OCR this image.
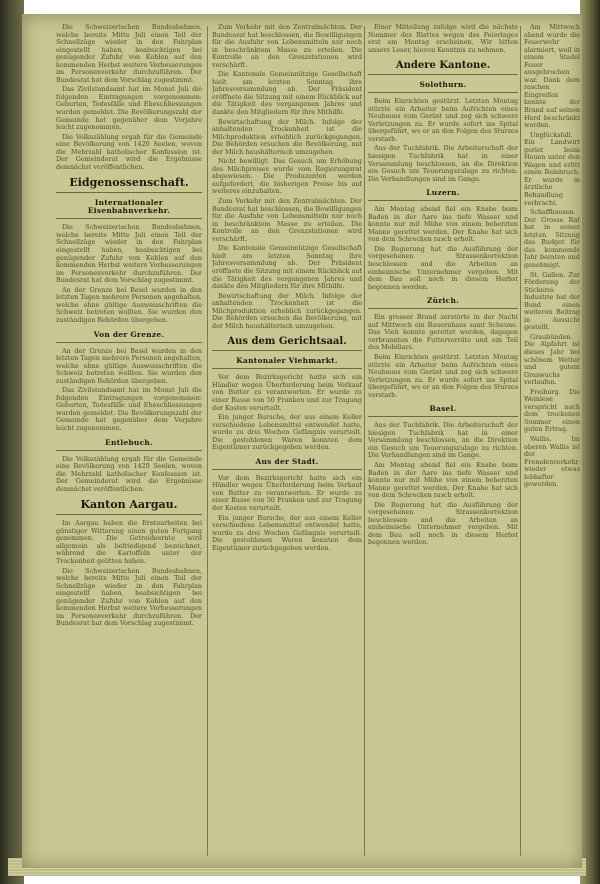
Die Schweizerischen Bundesbahnen, welche bereits Mitte Juli einen Teil der Schnellzüge wieder in den Fahrplan eingestellt haben, beabsichtigen bei genügender Zufuhr von Kohlen auf den kommenden Herbst weitere Verbesserungen im Personenverkehr durchzuführen. Der Bundesrat hat dem Vorschlag zugestimmt.

Das Zivilstandsamt hat im Monat Juli die folgenden Eintragungen vorgenommen: Geburten, Todesfälle und Eheschliessungen wurden gemeldet. Die Bevölkerungszahl der Gemeinde hat gegenüber dem Vorjahre leicht zugenommen.

Die Volkszählung ergab für die Gemeinde eine Bevölkerung von 1420 Seelen, wovon die Mehrzahl katholischer Konfession ist. Der Gemeinderat wird die Ergebnisse demnächst veröffentlichen.

Eidgenossenschaft.
Internationaler Eisenbahnverkehr.

Die Schweizerischen Bundesbahnen, welche bereits Mitte Juli einen Teil der Schnellzüge wieder in den Fahrplan eingestellt haben, beabsichtigen bei genügender Zufuhr von Kohlen auf den kommenden Herbst weitere Verbesserungen im Personenverkehr durchzuführen. Der Bundesrat hat dem Vorschlag zugestimmt.

An der Grenze bei Basel wurden in den letzten Tagen mehrere Personen angehalten, welche ohne gültige Ausweisschriften die Schweiz betreten wollten. Sie wurden den zuständigen Behörden übergeben.

Von der Grenze.

An der Grenze bei Basel wurden in den letzten Tagen mehrere Personen angehalten, welche ohne gültige Ausweisschriften die Schweiz betreten wollten. Sie wurden den zuständigen Behörden übergeben.

Das Zivilstandsamt hat im Monat Juli die folgenden Eintragungen vorgenommen: Geburten, Todesfälle und Eheschliessungen wurden gemeldet. Die Bevölkerungszahl der Gemeinde hat gegenüber dem Vorjahre leicht zugenommen.

Entlebuch.

Die Volkszählung ergab für die Gemeinde eine Bevölkerung von 1420 Seelen, wovon die Mehrzahl katholischer Konfession ist. Der Gemeinderat wird die Ergebnisse demnächst veröffentlichen.

Kanton Aargau.

Im Aargau haben die Erntearbeiten bei günstiger Witterung einen guten Fortgang genommen. Die Getreideernte wird allgemein als befriedigend bezeichnet, während die Kartoffeln unter der Trockenheit gelitten haben.

Die Schweizerischen Bundesbahnen, welche bereits Mitte Juli einen Teil der Schnellzüge wieder in den Fahrplan eingestellt haben, beabsichtigen bei genügender Zufuhr von Kohlen auf den kommenden Herbst weitere Verbesserungen im Personenverkehr durchzuführen. Der Bundesrat hat dem Vorschlag zugestimmt.

Zum Verkehr mit den Zentralmächten. Der Bundesrat hat beschlossen, die Bewilligungen für die Ausfuhr von Lebensmitteln nur noch in beschränktem Masse zu erteilen. Die Kontrolle an den Grenzstationen wird verschärft.

Die Kantonale Gemeinnützige Gesellschaft hielt am letzten Sonntag ihre Jahresversammlung ab. Der Präsident eröffnete die Sitzung mit einem Rückblick auf die Tätigkeit des vergangenen Jahres und dankte den Mitgliedern für ihre Mithilfe.

Bewirtschaftung der Milch. Infolge der anhaltenden Trockenheit ist die Milchproduktion erheblich zurückgegangen. Die Behörden ersuchen die Bevölkerung, mit der Milch haushälterisch umzugehen.

Nicht bewilligt. Das Gesuch um Erhöhung des Milchpreises wurde vom Regierungsrat abgewiesen. Die Produzenten werden aufgefordert, die bisherigen Preise bis auf weiteres einzuhalten.

Zum Verkehr mit den Zentralmächten. Der Bundesrat hat beschlossen, die Bewilligungen für die Ausfuhr von Lebensmitteln nur noch in beschränktem Masse zu erteilen. Die Kontrolle an den Grenzstationen wird verschärft.

Die Kantonale Gemeinnützige Gesellschaft hielt am letzten Sonntag ihre Jahresversammlung ab. Der Präsident eröffnete die Sitzung mit einem Rückblick auf die Tätigkeit des vergangenen Jahres und dankte den Mitgliedern für ihre Mithilfe.

Bewirtschaftung der Milch. Infolge der anhaltenden Trockenheit ist die Milchproduktion erheblich zurückgegangen. Die Behörden ersuchen die Bevölkerung, mit der Milch haushälterisch umzugehen.

Aus dem Gerichtsaal.
Kantonaler Viehmarkt.

Vor dem Bezirksgericht hatte sich ein Händler wegen Überforderung beim Verkauf von Butter zu verantworten. Er wurde zu einer Busse von 50 Franken und zur Tragung der Kosten verurteilt.

Ein junger Bursche, der aus einem Keller verschiedene Lebensmittel entwendet hatte, wurde zu drei Wochen Gefängnis verurteilt. Die gestohlenen Waren konnten dem Eigentümer zurückgegeben werden.

Aus der Stadt.

Vor dem Bezirksgericht hatte sich ein Händler wegen Überforderung beim Verkauf von Butter zu verantworten. Er wurde zu einer Busse von 50 Franken und zur Tragung der Kosten verurteilt.

Ein junger Bursche, der aus einem Keller verschiedene Lebensmittel entwendet hatte, wurde zu drei Wochen Gefängnis verurteilt. Die gestohlenen Waren konnten dem Eigentümer zurückgegeben werden.

Einer Mitteilung zufolge wird die nächste Nummer des Blattes wegen des Feiertages erst am Montag erscheinen. Wir bitten unsere Leser, hievon Kenntnis zu nehmen.

Andere Kantone.
Solothurn.

Beim Einrichten gestürzt. Letzten Montag stürzte ein Arbeiter beim Aufrichten eines Neubaues vom Gerüst und zog sich schwere Verletzungen zu. Er wurde sofort ins Spital übergeführt, wo er an den Folgen des Sturzes verstarb.

Aus der Tuchfabrik. Die Arbeiterschaft der hiesigen Tuchfabrik hat in einer Versammlung beschlossen, an die Direktion ein Gesuch um Teuerungszulage zu richten. Die Verhandlungen sind im Gange.

Luzern.

Am Montag abend fiel ein Knabe beim Baden in der Aare ins tiefe Wasser und konnte nur mit Mühe von einem beherzten Manne gerettet werden. Der Knabe hat sich von dem Schrecken rasch erholt.

Die Regierung hat die Ausführung der vorgesehenen Strassenkorrektion beschlossen und die Arbeiten an einheimische Unternehmer vergeben. Mit dem Bau soll noch in diesem Herbst begonnen werden.

Zürich.

Ein grosser Brand zerstörte in der Nacht auf Mittwoch ein Bauernhaus samt Scheune. Das Vieh konnte gerettet werden, dagegen verbrannten die Futtervorräte und ein Teil des Mobiliars.

Beim Einrichten gestürzt. Letzten Montag stürzte ein Arbeiter beim Aufrichten eines Neubaues vom Gerüst und zog sich schwere Verletzungen zu. Er wurde sofort ins Spital übergeführt, wo er an den Folgen des Sturzes verstarb.

Basel.

Aus der Tuchfabrik. Die Arbeiterschaft der hiesigen Tuchfabrik hat in einer Versammlung beschlossen, an die Direktion ein Gesuch um Teuerungszulage zu richten. Die Verhandlungen sind im Gange.

Am Montag abend fiel ein Knabe beim Baden in der Aare ins tiefe Wasser und konnte nur mit Mühe von einem beherzten Manne gerettet werden. Der Knabe hat sich von dem Schrecken rasch erholt.

Die Regierung hat die Ausführung der vorgesehenen Strassenkorrektion beschlossen und die Arbeiten an einheimische Unternehmer vergeben. Mit dem Bau soll noch in diesem Herbst begonnen werden.

Am Mittwoch abend wurde die Feuerwehr alarmiert, weil in einem Stadel Feuer ausgebrochen war. Dank dem raschen Eingreifen konnte der Brand auf seinen Herd beschränkt werden.

Unglücksfall. Ein Landwirt geriet beim Heuen unter den Wagen und erlitt einen Beinbruch. Er wurde in ärztliche Behandlung verbracht.

Schaffhausen. Der Grosse Rat hat in seiner letzten Sitzung das Budget für das kommende Jahr beraten und genehmigt.

St. Gallen. Zur Förderung der Stickerei-Industrie hat der Bund einen weiteren Beitrag in Aussicht gestellt.

Graubünden. Die Alpfahrt ist dieses Jahr bei schönem Wetter und gutem Graswuchs verlaufen.

Freiburg. Die Weinlese verspricht nach dem trockenen Sommer einen guten Ertrag.

Wallis. Im oberen Wallis ist der Fremdenverkehr wieder etwas lebhafter geworden.
